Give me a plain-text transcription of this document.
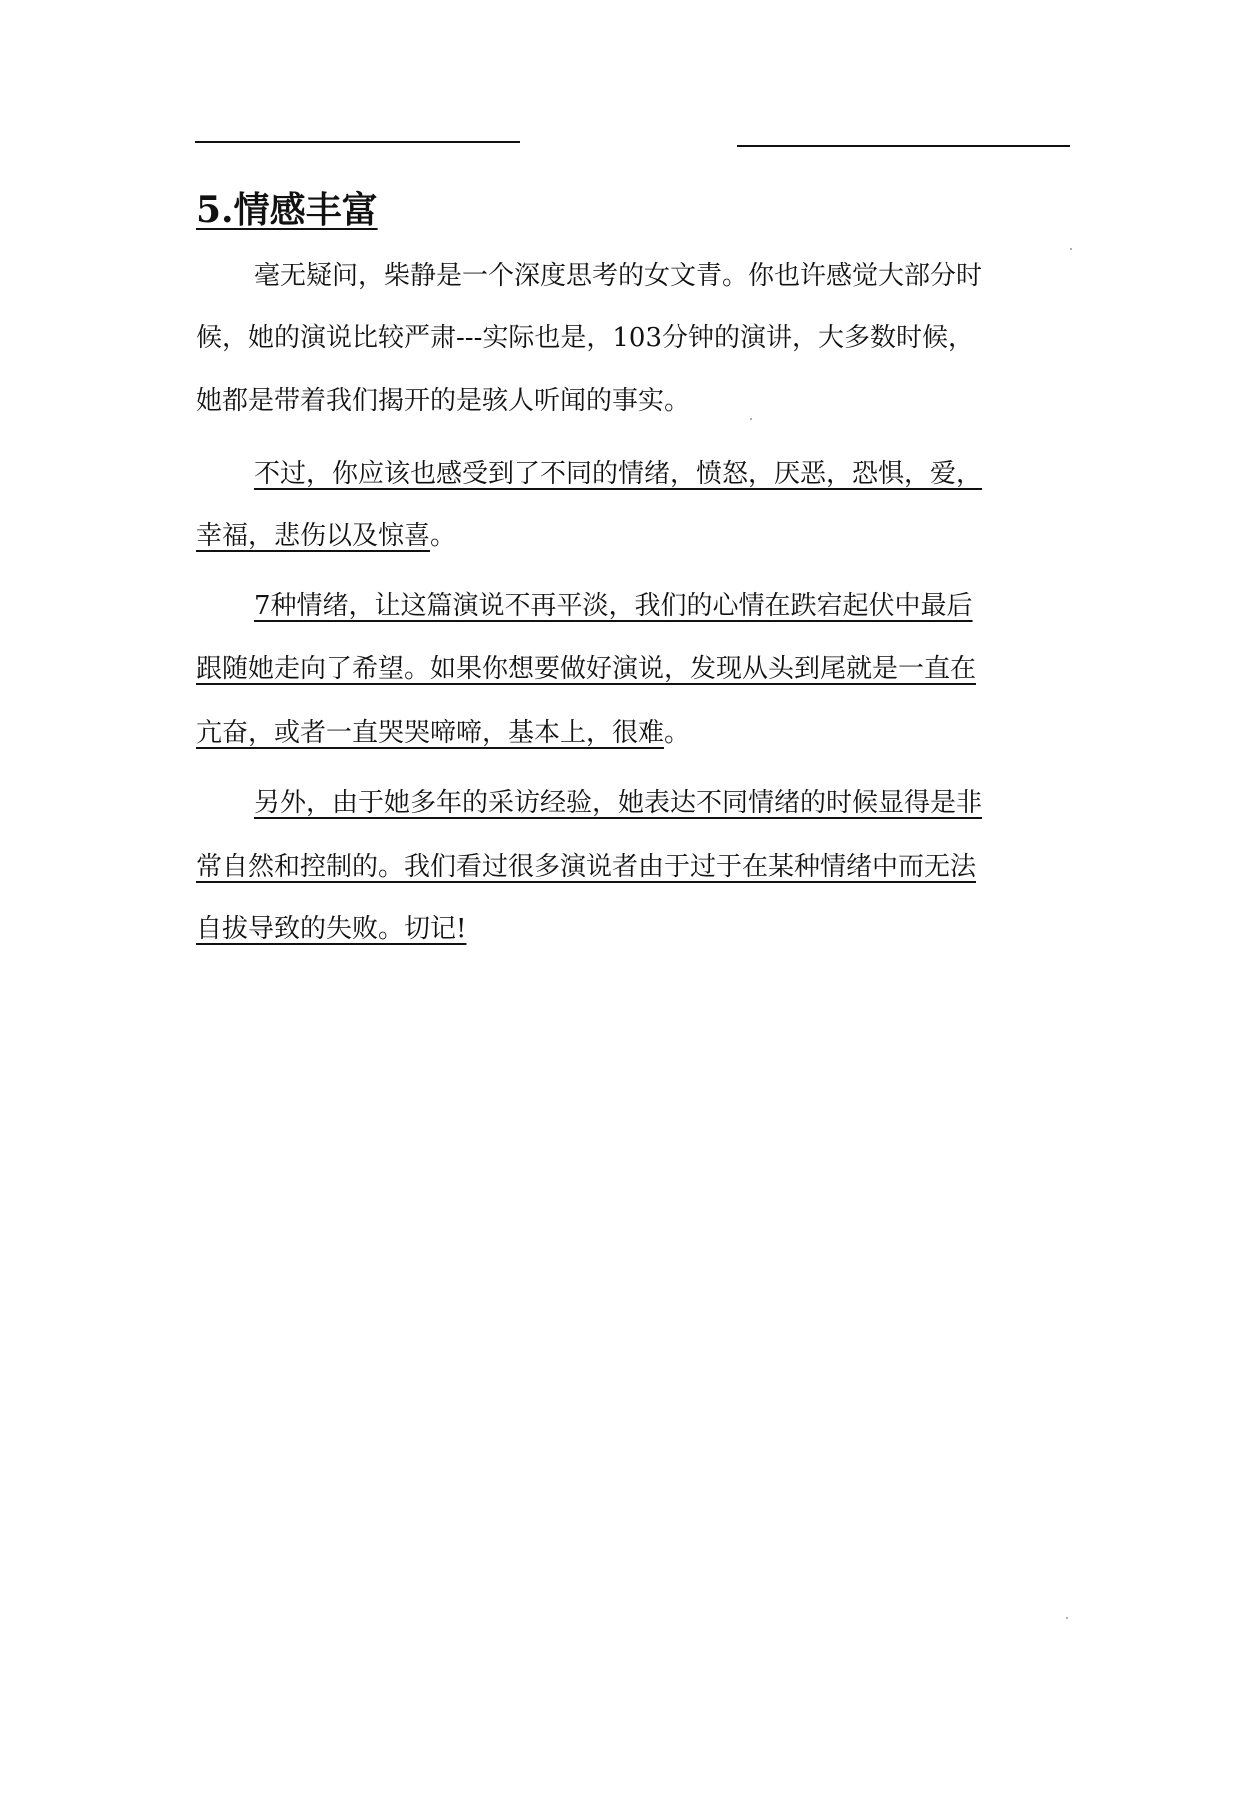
5.情感丰富
毫无疑问，柴静是一个深度思考的女文青。你也许感觉大部分时
候，她的演说比较严肃---实际也是，103分钟的演讲，大多数时候，
她都是带着我们揭开的是骇人听闻的事实。
不过，你应该也感受到了不同的情绪，愤怒，厌恶，恐惧，爱，
幸福，悲伤以及惊喜。
7种情绪，让这篇演说不再平淡，我们的心情在跌宕起伏中最后
跟随她走向了希望。如果你想要做好演说，发现从头到尾就是一直在
亢奋，或者一直哭哭啼啼，基本上，很难。
另外，由于她多年的采访经验，她表达不同情绪的时候显得是非
常自然和控制的。我们看过很多演说者由于过于在某种情绪中而无法
自拔导致的失败。切记!
